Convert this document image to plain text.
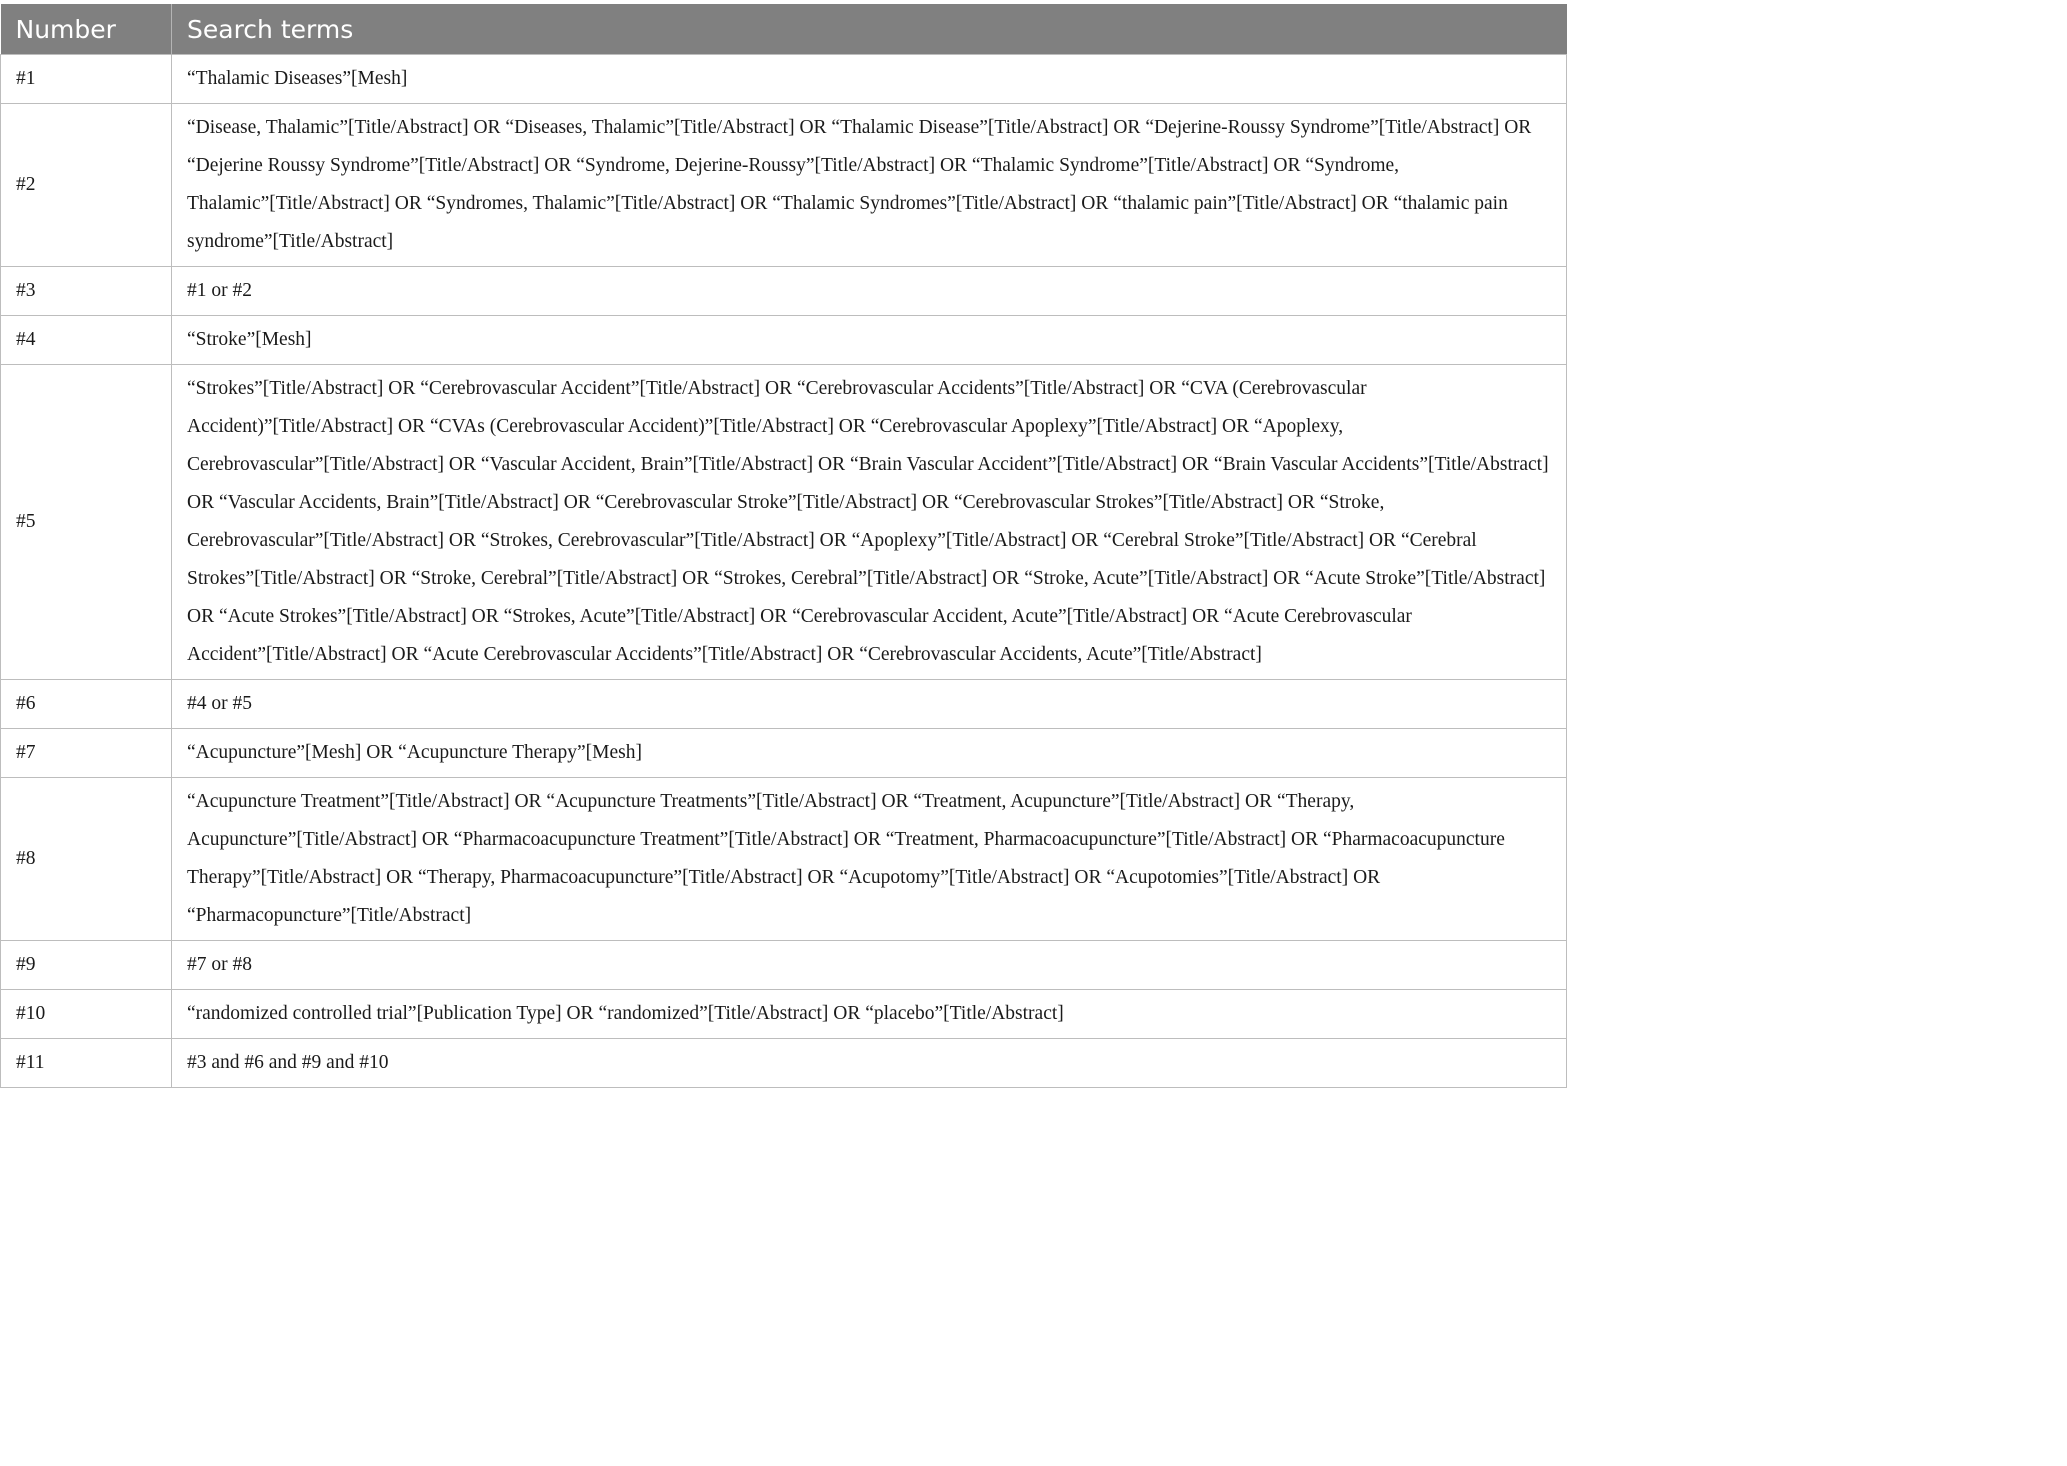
Number	Search terms
#1	“Thalamic Diseases”[Mesh]
#2	“Disease, Thalamic”[Title/Abstract] OR “Diseases, Thalamic”[Title/Abstract] OR “Thalamic Disease”[Title/Abstract] OR “Dejerine-Roussy Syndrome”[Title/Abstract] OR “Dejerine Roussy Syndrome”[Title/Abstract] OR “Syndrome, Dejerine-Roussy”[Title/Abstract] OR “Thalamic Syndrome”[Title/Abstract] OR “Syndrome, Thalamic”[Title/Abstract] OR “Syndromes, Thalamic”[Title/Abstract] OR “Thalamic Syndromes”[Title/Abstract] OR “thalamic pain”[Title/Abstract] OR “thalamic pain syndrome”[Title/Abstract]
#3	#1 or #2
#4	“Stroke”[Mesh]
#5	“Strokes”[Title/Abstract] OR “Cerebrovascular Accident”[Title/Abstract] OR “Cerebrovascular Accidents”[Title/Abstract] OR “CVA (Cerebrovascular Accident)”[Title/Abstract] OR “CVAs (Cerebrovascular Accident)”[Title/Abstract] OR “Cerebrovascular Apoplexy”[Title/Abstract] OR “Apoplexy, Cerebrovascular”[Title/Abstract] OR “Vascular Accident, Brain”[Title/Abstract] OR “Brain Vascular Accident”[Title/Abstract] OR “Brain Vascular Accidents”[Title/Abstract] OR “Vascular Accidents, Brain”[Title/Abstract] OR “Cerebrovascular Stroke”[Title/Abstract] OR “Cerebrovascular Strokes”[Title/Abstract] OR “Stroke, Cerebrovascular”[Title/Abstract] OR “Strokes, Cerebrovascular”[Title/Abstract] OR “Apoplexy”[Title/Abstract] OR “Cerebral Stroke”[Title/Abstract] OR “Cerebral Strokes”[Title/Abstract] OR “Stroke, Cerebral”[Title/Abstract] OR “Strokes, Cerebral”[Title/Abstract] OR “Stroke, Acute”[Title/Abstract] OR “Acute Stroke”[Title/Abstract] OR “Acute Strokes”[Title/Abstract] OR “Strokes, Acute”[Title/Abstract] OR “Cerebrovascular Accident, Acute”[Title/Abstract] OR “Acute Cerebrovascular Accident”[Title/Abstract] OR “Acute Cerebrovascular Accidents”[Title/Abstract] OR “Cerebrovascular Accidents, Acute”[Title/Abstract]
#6	#4 or #5
#7	“Acupuncture”[Mesh] OR “Acupuncture Therapy”[Mesh]
#8	“Acupuncture Treatment”[Title/Abstract] OR “Acupuncture Treatments”[Title/Abstract] OR “Treatment, Acupuncture”[Title/Abstract] OR “Therapy, Acupuncture”[Title/Abstract] OR “Pharmacoacupuncture Treatment”[Title/Abstract] OR “Treatment, Pharmacoacupuncture”[Title/Abstract] OR “Pharmacoacupuncture Therapy”[Title/Abstract] OR “Therapy, Pharmacoacupuncture”[Title/Abstract] OR “Acupotomy”[Title/Abstract] OR “Acupotomies”[Title/Abstract] OR “Pharmacopuncture”[Title/Abstract]
#9	#7 or #8
#10	“randomized controlled trial”[Publication Type] OR “randomized”[Title/Abstract] OR “placebo”[Title/Abstract]
#11	#3 and #6 and #9 and #10
